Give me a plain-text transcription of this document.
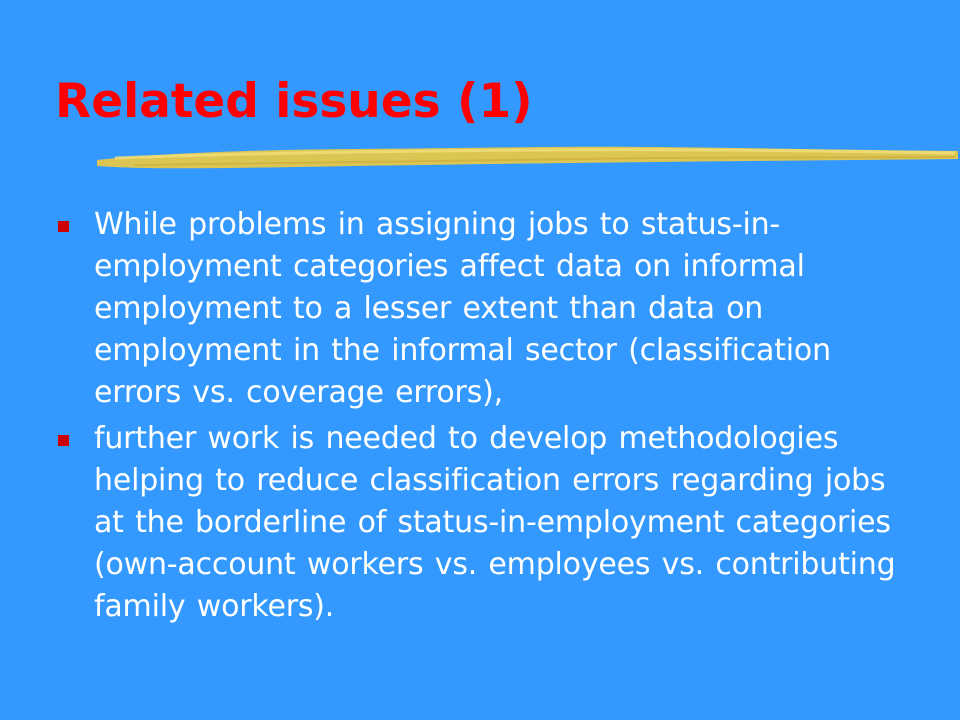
Related issues (1)
While problems in assigning jobs to status-in-employment categories affect data on informal employment to a lesser extent than data on employment in the informal sector (classification errors vs. coverage errors),
further work is needed to develop methodologies helping to reduce classification errors regarding jobs at the borderline of status-in-employment categories (own-account workers vs. employees vs. contributing family workers).
